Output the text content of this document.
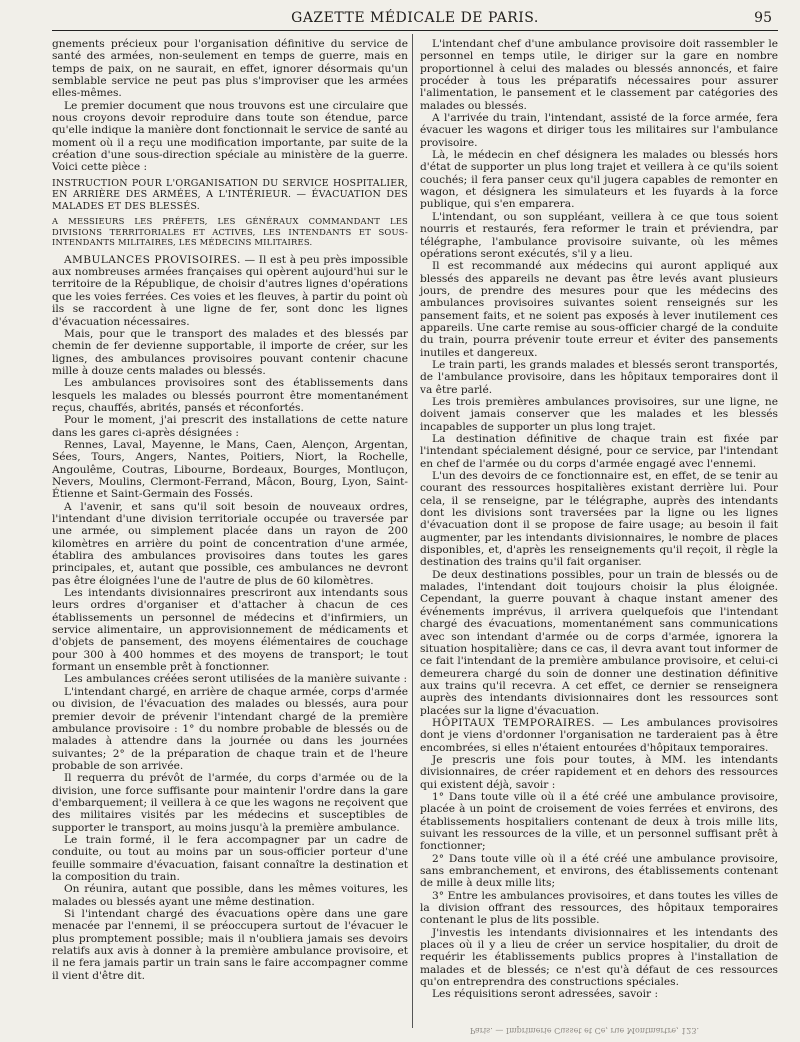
GAZETTE MÉDICALE DE PARIS.	95

gnements précieux pour l'organisation définitive du service de santé des armées, non-seulement en temps de guerre, mais en temps de paix, on ne saurait, en effet, ignorer désormais qu'un semblable service ne peut pas plus s'improviser que les armées elles-mêmes.

Le premier document que nous trouvons est une circulaire que nous croyons devoir reproduire dans toute son étendue, parce qu'elle indique la manière dont fonctionnait le service de santé au moment où il a reçu une modification importante, par suite de la création d'une sous-direction spéciale au ministère de la guerre. Voici cette pièce :

INSTRUCTION POUR L'ORGANISATION DU SERVICE HOSPITALIER, EN ARRIÈRE DES ARMÉES, A L'INTÉRIEUR. — ÉVACUATION DES MALADES ET DES BLESSÉS.

A MESSIEURS LES PRÉFETS, LES GÉNÉRAUX COMMANDANT LES DIVISIONS TERRITORIALES ET ACTIVES, LES INTENDANTS ET SOUS-INTENDANTS MILITAIRES, LES MÉDECINS MILITAIRES.

AMBULANCES PROVISOIRES. — Il est à peu près impossible aux nombreuses armées françaises qui opèrent aujourd'hui sur le territoire de la République, de choisir d'autres lignes d'opérations que les voies ferrées. Ces voies et les fleuves, à partir du point où ils se raccordent à une ligne de fer, sont donc les lignes d'évacuation nécessaires.

Mais, pour que le transport des malades et des blessés par chemin de fer devienne supportable, il importe de créer, sur les lignes, des ambulances provisoires pouvant contenir chacune mille à douze cents malades ou blessés.

Les ambulances provisoires sont des établissements dans lesquels les malades ou blessés pourront être momentanément reçus, chauffés, abrités, pansés et réconfortés.

Pour le moment, j'ai prescrit des installations de cette nature dans les gares ci-après désignées :

Rennes, Laval, Mayenne, le Mans, Caen, Alençon, Argentan, Sées, Tours, Angers, Nantes, Poitiers, Niort, la Rochelle, Angoulême, Coutras, Libourne, Bordeaux, Bourges, Montluçon, Nevers, Moulins, Clermont-Ferrand, Mâcon, Bourg, Lyon, Saint-Étienne et Saint-Germain des Fossés.

A l'avenir, et sans qu'il soit besoin de nouveaux ordres, l'intendant d'une division territoriale occupée ou traversée par une armée, ou simplement placée dans un rayon de 200 kilomètres en arrière du point de concentration d'une armée, établira des ambulances provisoires dans toutes les gares principales, et, autant que possible, ces ambulances ne devront pas être éloignées l'une de l'autre de plus de 60 kilomètres.

Les intendants divisionnaires prescriront aux intendants sous leurs ordres d'organiser et d'attacher à chacun de ces établissements un personnel de médecins et d'infirmiers, un service alimentaire, un approvisionnement de médicaments et d'objets de pansement, des moyens élémentaires de couchage pour 300 à 400 hommes et des moyens de transport; le tout formant un ensemble prêt à fonctionner.

Les ambulances créées seront utilisées de la manière suivante :

L'intendant chargé, en arrière de chaque armée, corps d'armée ou division, de l'évacuation des malades ou blessés, aura pour premier devoir de prévenir l'intendant chargé de la première ambulance provisoire : 1° du nombre probable de blessés ou de malades à attendre dans la journée ou dans les journées suivantes; 2° de la préparation de chaque train et de l'heure probable de son arrivée.

Il requerra du prévôt de l'armée, du corps d'armée ou de la division, une force suffisante pour maintenir l'ordre dans la gare d'embarquement; il veillera à ce que les wagons ne reçoivent que des militaires visités par les médecins et susceptibles de supporter le transport, au moins jusqu'à la première ambulance.

Le train formé, il le fera accompagner par un cadre de conduite, ou tout au moins par un sous-officier porteur d'une feuille sommaire d'évacuation, faisant connaître la destination et la composition du train.

On réunira, autant que possible, dans les mêmes voitures, les malades ou blessés ayant une même destination.

Si l'intendant chargé des évacuations opère dans une gare menacée par l'ennemi, il se préoccupera surtout de l'évacuer le plus promptement possible; mais il n'oubliera jamais ses devoirs relatifs aux avis à donner à la première ambulance provisoire, et il ne fera jamais partir un train sans le faire accompagner comme il vient d'être dit.

L'intendant chef d'une ambulance provisoire doit rassembler le personnel en temps utile, le diriger sur la gare en nombre proportionnel à celui des malades ou blessés annoncés, et faire procéder à tous les préparatifs nécessaires pour assurer l'alimentation, le pansement et le classement par catégories des malades ou blessés.

A l'arrivée du train, l'intendant, assisté de la force armée, fera évacuer les wagons et diriger tous les militaires sur l'ambulance provisoire.

Là, le médecin en chef désignera les malades ou blessés hors d'état de supporter un plus long trajet et veillera à ce qu'ils soient couchés; il fera panser ceux qu'il jugera capables de remonter en wagon, et désignera les simulateurs et les fuyards à la force publique, qui s'en emparera.

L'intendant, ou son suppléant, veillera à ce que tous soient nourris et restaurés, fera reformer le train et préviendra, par télégraphe, l'ambulance provisoire suivante, où les mêmes opérations seront exécutés, s'il y a lieu.

Il est recommandé aux médecins qui auront appliqué aux blessés des appareils ne devant pas être levés avant plusieurs jours, de prendre des mesures pour que les médecins des ambulances provisoires suivantes soient renseignés sur les pansement faits, et ne soient pas exposés à lever inutilement ces appareils. Une carte remise au sous-officier chargé de la conduite du train, pourra prévenir toute erreur et éviter des pansements inutiles et dangereux.

Le train parti, les grands malades et blessés seront transportés, de l'ambulance provisoire, dans les hôpitaux temporaires dont il va être parlé.

Les trois premières ambulances provisoires, sur une ligne, ne doivent jamais conserver que les malades et les blessés incapables de supporter un plus long trajet.

La destination définitive de chaque train est fixée par l'intendant spécialement désigné, pour ce service, par l'intendant en chef de l'armée ou du corps d'armée engagé avec l'ennemi.

L'un des devoirs de ce fonctionnaire est, en effet, de se tenir au courant des ressources hospitalières existant derrière lui. Pour cela, il se renseigne, par le télégraphe, auprès des intendants dont les divisions sont traversées par la ligne ou les lignes d'évacuation dont il se propose de faire usage; au besoin il fait augmenter, par les intendants divisionnaires, le nombre de places disponibles, et, d'après les renseignements qu'il reçoit, il règle la destination des trains qu'il fait organiser.

De deux destinations possibles, pour un train de blessés ou de malades, l'intendant doit toujours choisir la plus éloignée. Cependant, la guerre pouvant à chaque instant amener des événements imprévus, il arrivera quelquefois que l'intendant chargé des évacuations, momentanément sans communications avec son intendant d'armée ou de corps d'armée, ignorera la situation hospitalière; dans ce cas, il devra avant tout informer de ce fait l'intendant de la première ambulance provisoire, et celui-ci demeurera chargé du soin de donner une destination définitive aux trains qu'il recevra. A cet effet, ce dernier se renseignera auprès des intendants divisionnaires dont les ressources sont placées sur la ligne d'évacuation.

HÔPITAUX TEMPORAIRES. — Les ambulances provisoires dont je viens d'ordonner l'organisation ne tarderaient pas à être encombrées, si elles n'étaient entourées d'hôpitaux temporaires.

Je prescris une fois pour toutes, à MM. les intendants divisionnaires, de créer rapidement et en dehors des ressources qui existent déjà, savoir :

1° Dans toute ville où il a été créé une ambulance provisoire, placée à un point de croisement de voies ferrées et environs, des établissements hospitaliers contenant de deux à trois mille lits, suivant les ressources de la ville, et un personnel suffisant prêt à fonctionner;

2° Dans toute ville où il a été créé une ambulance provisoire, sans embranchement, et environs, des établissements contenant de mille à deux mille lits;

3° Entre les ambulances provisoires, et dans toutes les villes de la division offrant des ressources, des hôpitaux temporaires contenant le plus de lits possible.

J'investis les intendants divisionnaires et les intendants des places où il y a lieu de créer un service hospitalier, du droit de requérir les établissements publics propres à l'installation de malades et de blessés; ce n'est qu'à défaut de ces ressources qu'on entreprendra des constructions spéciales.

Les réquisitions seront adressées, savoir :

Paris. — Imprimerie Cusset et Ce, rue Montmartre, 123.
